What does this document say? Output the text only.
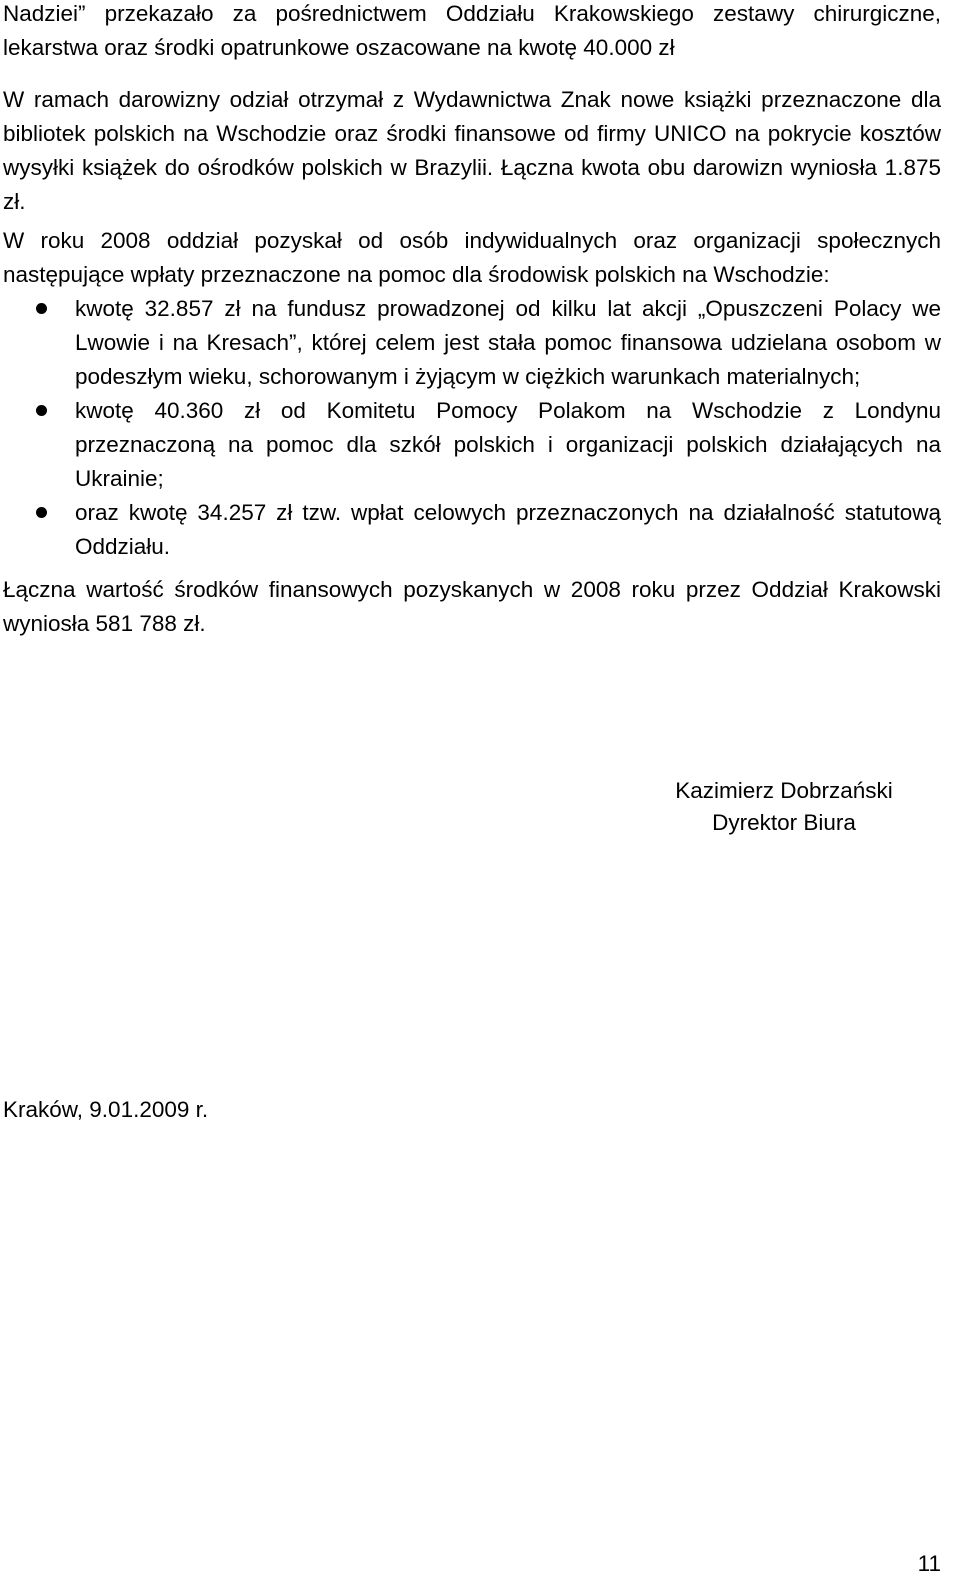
Nadziei” przekazało za pośrednictwem Oddziału Krakowskiego zestawy chirurgiczne, lekarstwa oraz środki opatrunkowe oszacowane na kwotę 40.000 zł

W ramach darowizny odział otrzymał z Wydawnictwa Znak nowe książki przeznaczone dla bibliotek polskich na Wschodzie oraz środki finansowe od firmy UNICO na pokrycie kosztów wysyłki książek do ośrodków polskich w Brazylii. Łączna kwota obu darowizn wyniosła 1.875 zł.

W roku 2008 oddział pozyskał od osób indywidualnych oraz organizacji społecznych następujące wpłaty przeznaczone na pomoc dla środowisk polskich na Wschodzie:

kwotę 32.857 zł na fundusz prowadzonej od kilku lat akcji „Opuszczeni Polacy we Lwowie i na Kresach”, której celem jest stała pomoc finansowa udzielana osobom w podeszłym wieku, schorowanym i żyjącym w ciężkich warunkach materialnych;
kwotę 40.360 zł od Komitetu Pomocy Polakom na Wschodzie z Londynu przeznaczoną na pomoc dla szkół polskich i organizacji polskich działających na Ukrainie;
oraz kwotę 34.257 zł tzw. wpłat celowych przeznaczonych na działalność statutową Oddziału.

Łączna wartość środków finansowych pozyskanych w 2008 roku przez Oddział Krakowski wyniosła 581 788 zł.

Kazimierz Dobrzański
Dyrektor Biura
Kraków, 9.01.2009 r.
11
